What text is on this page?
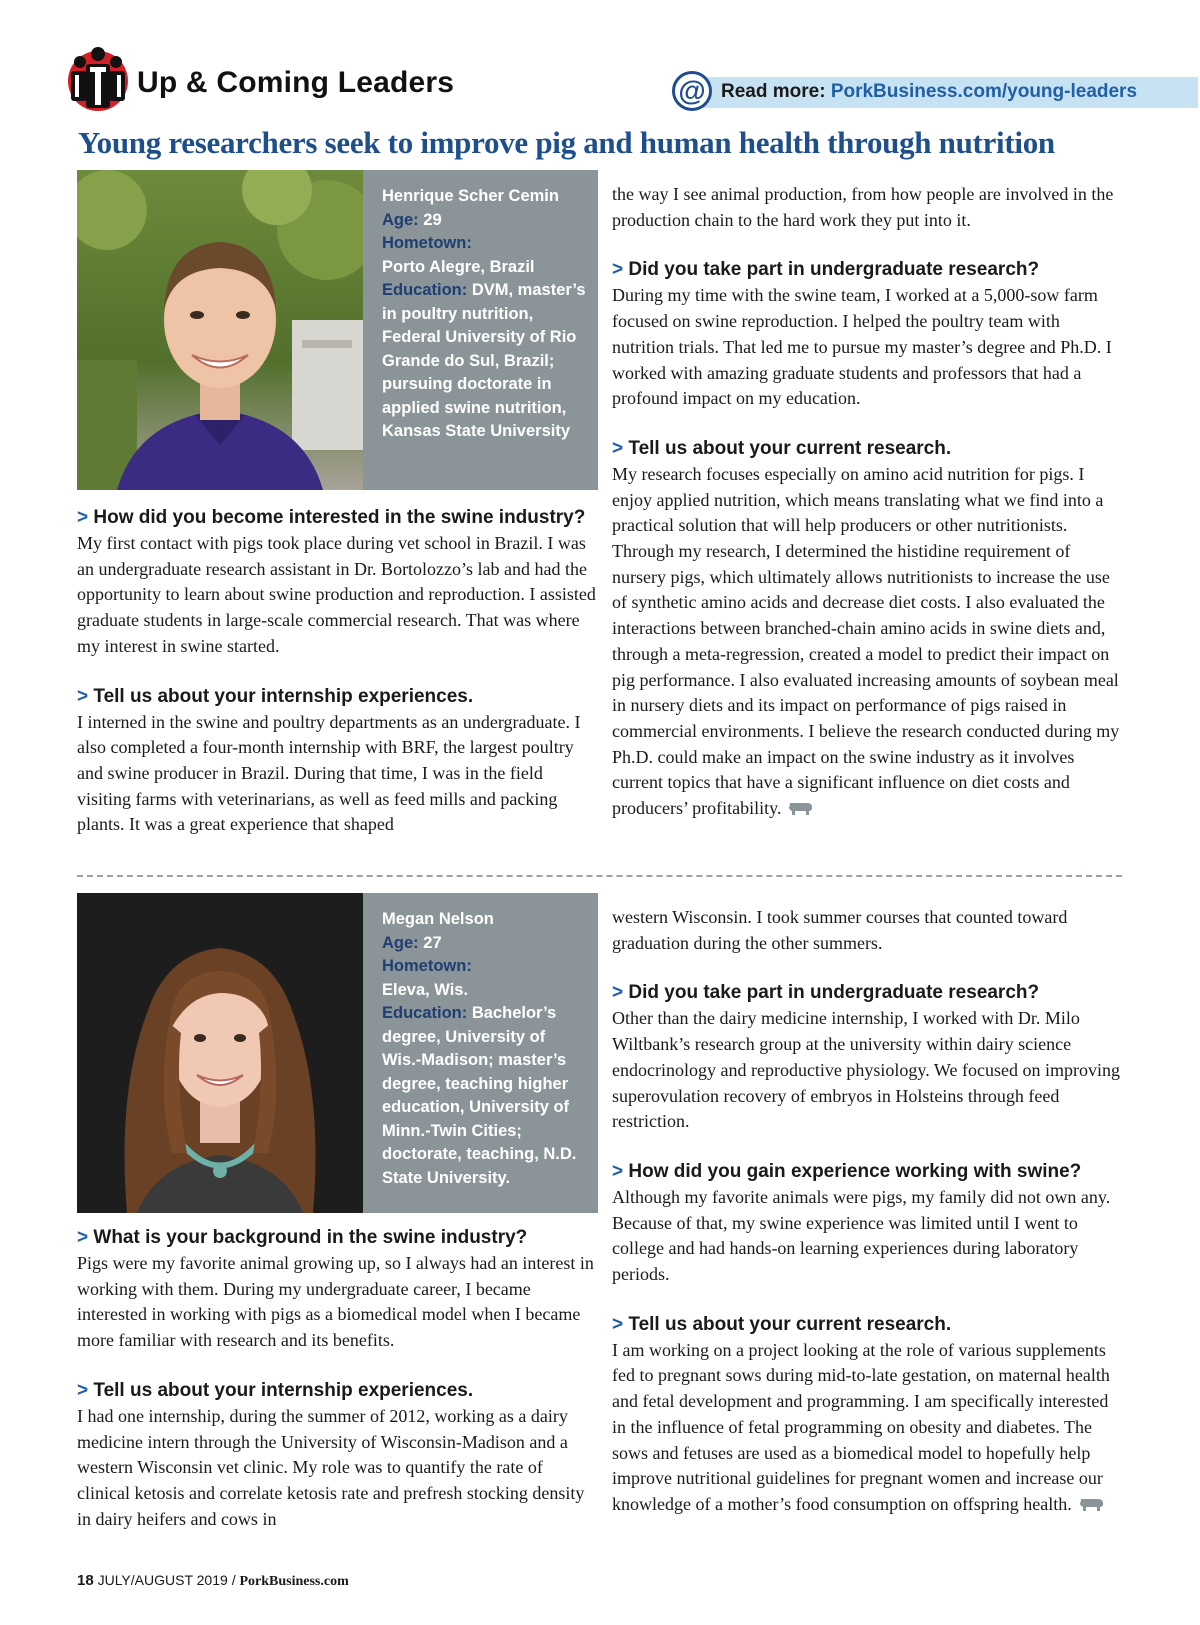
Up & Coming Leaders	@ Read more: PorkBusiness.com/young-leaders
Young researchers seek to improve pig and human health through nutrition
Henrique Scher Cemin
Age: 29
Hometown:
Porto Alegre, Brazil
Education: DVM, master’s in poultry nutrition, Federal University of Rio Grande do Sul, Brazil; pursuing doctorate in applied swine nutrition, Kansas State University
> How did you become interested in the swine industry?

My first contact with pigs took place during vet school in Brazil. I was an undergraduate research assistant in Dr. Bortolozzo’s lab and had the opportunity to learn about swine production and reproduction. I assisted graduate students in large-scale commercial research. That was where my interest in swine started.

> Tell us about your internship experiences.

I interned in the swine and poultry departments as an undergraduate. I also completed a four-month internship with BRF, the largest poultry and swine producer in Brazil. During that time, I was in the field visiting farms with veterinarians, as well as feed mills and packing plants. It was a great experience that shaped

the way I see animal production, from how people are involved in the production chain to the hard work they put into it.

> Did you take part in undergraduate research?

During my time with the swine team, I worked at a 5,000-sow farm focused on swine reproduction. I helped the poultry team with nutrition trials. That led me to pursue my master’s degree and Ph.D. I worked with amazing graduate students and professors that had a profound impact on my education.

> Tell us about your current research.

My research focuses especially on amino acid nutrition for pigs. I enjoy applied nutrition, which means translating what we find into a practical solution that will help producers or other nutritionists. Through my research, I determined the histidine requirement of nursery pigs, which ultimately allows nutritionists to increase the use of synthetic amino acids and decrease diet costs. I also evaluated the interactions between branched-chain amino acids in swine diets and, through a meta-regression, created a model to predict their impact on pig performance. I also evaluated increasing amounts of soybean meal in nursery diets and its impact on performance of pigs raised in commercial environments. I believe the research conducted during my Ph.D. could make an impact on the swine industry as it involves current topics that have a significant influence on diet costs and producers’ profitability.

Megan Nelson
Age: 27
Hometown:
Eleva, Wis.
Education: Bachelor’s degree, University of Wis.-Madison; master’s degree, teaching higher education, University of Minn.-Twin Cities; doctorate, teaching, N.D. State University.
> What is your background in the swine industry?

Pigs were my favorite animal growing up, so I always had an interest in working with them. During my undergraduate career, I became interested in working with pigs as a biomedical model when I became more familiar with research and its benefits.

> Tell us about your internship experiences.

I had one internship, during the summer of 2012, working as a dairy medicine intern through the University of Wisconsin-Madison and a western Wisconsin vet clinic. My role was to quantify the rate of clinical ketosis and correlate ketosis rate and prefresh stocking density in dairy heifers and cows in

western Wisconsin. I took summer courses that counted toward graduation during the other summers.

> Did you take part in undergraduate research?

Other than the dairy medicine internship, I worked with Dr. Milo Wiltbank’s research group at the university within dairy science endocrinology and reproductive physiology. We focused on improving superovulation recovery of embryos in Holsteins through feed restriction.

> How did you gain experience working with swine?

Although my favorite animals were pigs, my family did not own any. Because of that, my swine experience was limited until I went to college and had hands-on learning experiences during laboratory periods.

> Tell us about your current research.

I am working on a project looking at the role of various supplements fed to pregnant sows during mid-to-late gestation, on maternal health and fetal development and programming. I am specifically interested in the influence of fetal programming on obesity and diabetes. The sows and fetuses are used as a biomedical model to hopefully help improve nutritional guidelines for pregnant women and increase our knowledge of a mother’s food consumption on offspring health.

18 JULY/AUGUST 2019 / PorkBusiness.com
